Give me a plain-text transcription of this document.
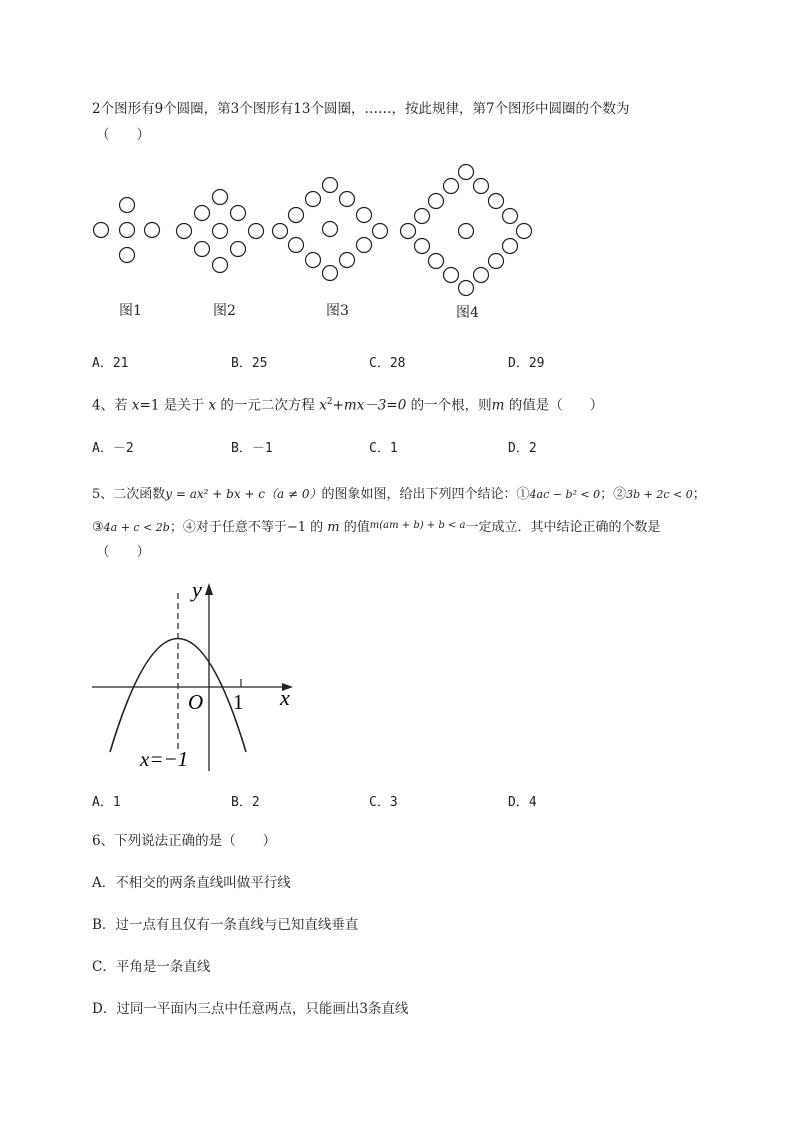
2个图形有9个圆圈，第3个图形有13个圆圈，……，按此规律，第7个图形中圆圈的个数为
（　　）
图1	图2	图3	图4
A．21	B．25	C．28	D．29
4、若 x=1 是关于 x 的一元二次方程 $x^2+mx-3=0$ 的一个根，则m 的值是（　　）
A．－2	B．－1	C．1	D．2
5、二次函数y = ax² + bx + c（a ≠ 0）的图象如图，给出下列四个结论：①4ac − b² < 0；②3b + 2c < 0；
③4a + c < 2b；④对于任意不等于−1 的 m 的值$^{m(am + b) + b < a}$一定成立．其中结论正确的个数是
（　　）
y
x
O 1
x=−1
A．1	B．2	C．3	D．4
6、下列说法正确的是（　　）
A．不相交的两条直线叫做平行线
B．过一点有且仅有一条直线与已知直线垂直
C．平角是一条直线
D．过同一平面内三点中任意两点，只能画出3条直线
